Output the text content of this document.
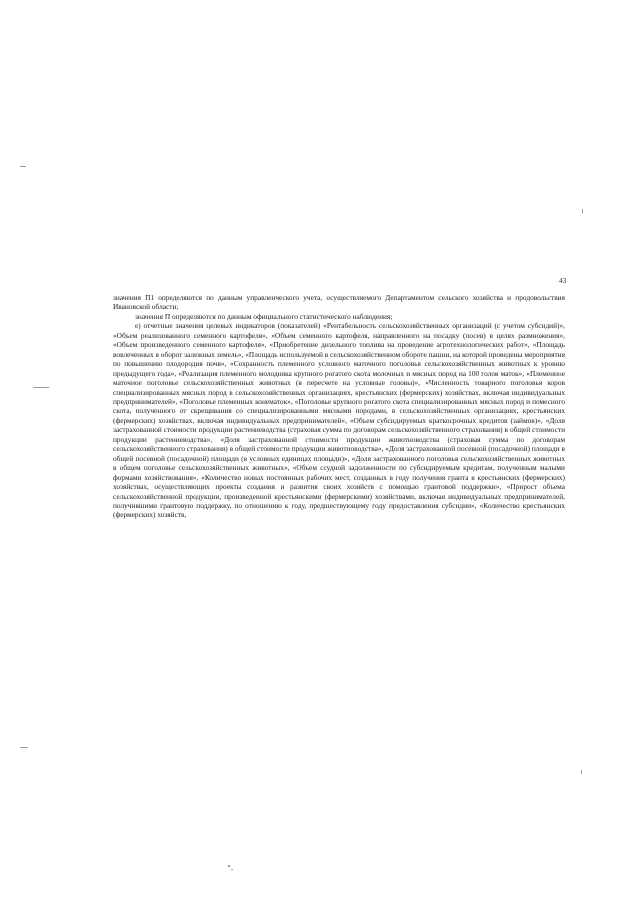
43

значения П1 определяются по данным управленческого учета, осуществляемого Департаментом сельского хозяйства и продовольствия Ивановской области;

значения П определяются по данным официального статистического наблюдения;

е) отчетные значения целевых индикаторов (показателей) «Рентабельность сельскохозяйственных организаций (с учетом субсидий)», «Объем реализованного семенного картофеля», «Объем семенного картофеля, направленного на посадку (посев) в целях размножения», «Объем произведенного семенного картофеля», «Приобретение дизельного топлива на проведение агротехнологических работ», «Площадь вовлеченных в оборот залежных земель», «Площадь используемой в сельскохозяйственном обороте пашни, на которой проведены мероприятия по повышению плодородия почв», «Сохранность племенного условного маточного поголовья сельскохозяйственных животных к уровню предыдущего года», «Реализация племенного молодняка крупного рогатого скота молочных и мясных пород на 100 голов маток», «Племенное маточное поголовье сельскохозяйственных животных (в пересчете на условные головы)», «Численность товарного поголовья коров специализированных мясных пород в сельскохозяйственных организациях, крестьянских (фермерских) хозяйствах, включая индивидуальных предпринимателей», «Поголовье племенных конематок», «Поголовье крупного рогатого скота специализированных мясных пород и помесного скота, полученного от скрещивания со специализированными мясными породами, в сельскохозяйственных организациях, крестьянских (фермерских) хозяйствах, включая индивидуальных предпринимателей», «Объем субсидируемых краткосрочных кредитов (займов)», «Доля застрахованной стоимости продукции растениеводства (страховая сумма по договорам сельскохозяйственного страхования) в общей стоимости продукции растениеводства», «Доля застрахованной стоимости продукции животноводства (страховая сумма по договорам сельскохозяйственного страхования) в общей стоимости продукции животноводства», «Доля застрахованной посевной (посадочной) площади в общей посевной (посадочной) площади (в условных единицах площади)», «Доля застрахованного поголовья сельскохозяйственных животных в общем поголовье сельскохозяйственных животных», «Объем ссудной задолженности по субсидируемым кредитам, полученным малыми формами хозяйствования», «Количество новых постоянных рабочих мест, созданных в году получения гранта в крестьянских (фермерских) хозяйствах, осуществляющих проекты создания и развития своих хозяйств с помощью грантовой поддержки», «Прирост объема сельскохозяйственной продукции, произведенной крестьянскими (фермерскими) хозяйствами, включая индивидуальных предпринимателей, получившими грантовую поддержку, по отношению к году, предшествующему году предоставления субсидии», «Количество крестьянских (фермерских) хозяйств,
